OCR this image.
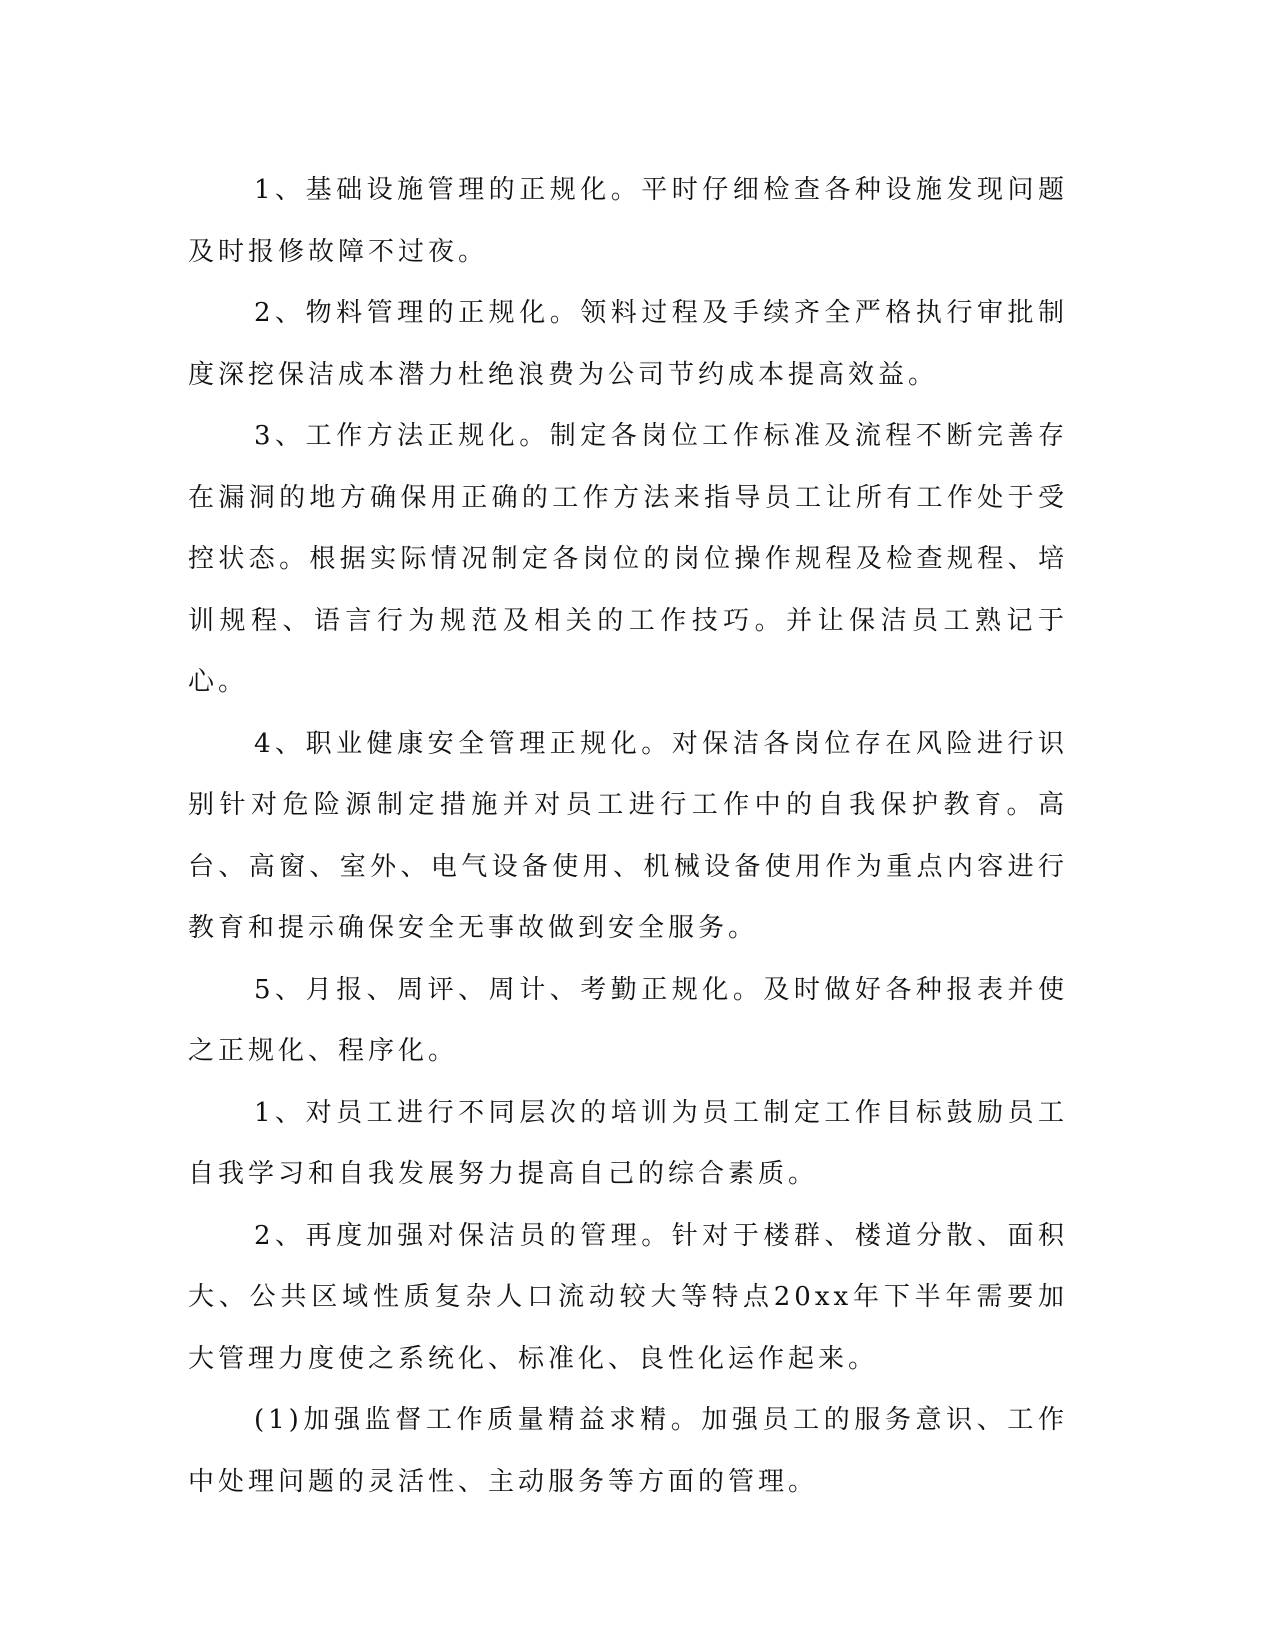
1、基础设施管理的正规化。平时仔细检查各种设施发现问题及时报修故障不过夜。

2、物料管理的正规化。领料过程及手续齐全严格执行审批制度深挖保洁成本潜力杜绝浪费为公司节约成本提高效益。

3、工作方法正规化。制定各岗位工作标准及流程不断完善存在漏洞的地方确保用正确的工作方法来指导员工让所有工作处于受控状态。根据实际情况制定各岗位的岗位操作规程及检查规程、培训规程、语言行为规范及相关的工作技巧。并让保洁员工熟记于心。

4、职业健康安全管理正规化。对保洁各岗位存在风险进行识别针对危险源制定措施并对员工进行工作中的自我保护教育。高台、高窗、室外、电气设备使用、机械设备使用作为重点内容进行教育和提示确保安全无事故做到安全服务。

5、月报、周评、周计、考勤正规化。及时做好各种报表并使之正规化、程序化。

1、对员工进行不同层次的培训为员工制定工作目标鼓励员工自我学习和自我发展努力提高自己的综合素质。

2、再度加强对保洁员的管理。针对于楼群、楼道分散、面积大、公共区域性质复杂人口流动较大等特点20xx年下半年需要加大管理力度使之系统化、标准化、良性化运作起来。

(1)加强监督工作质量精益求精。加强员工的服务意识、工作中处理问题的灵活性、主动服务等方面的管理。
